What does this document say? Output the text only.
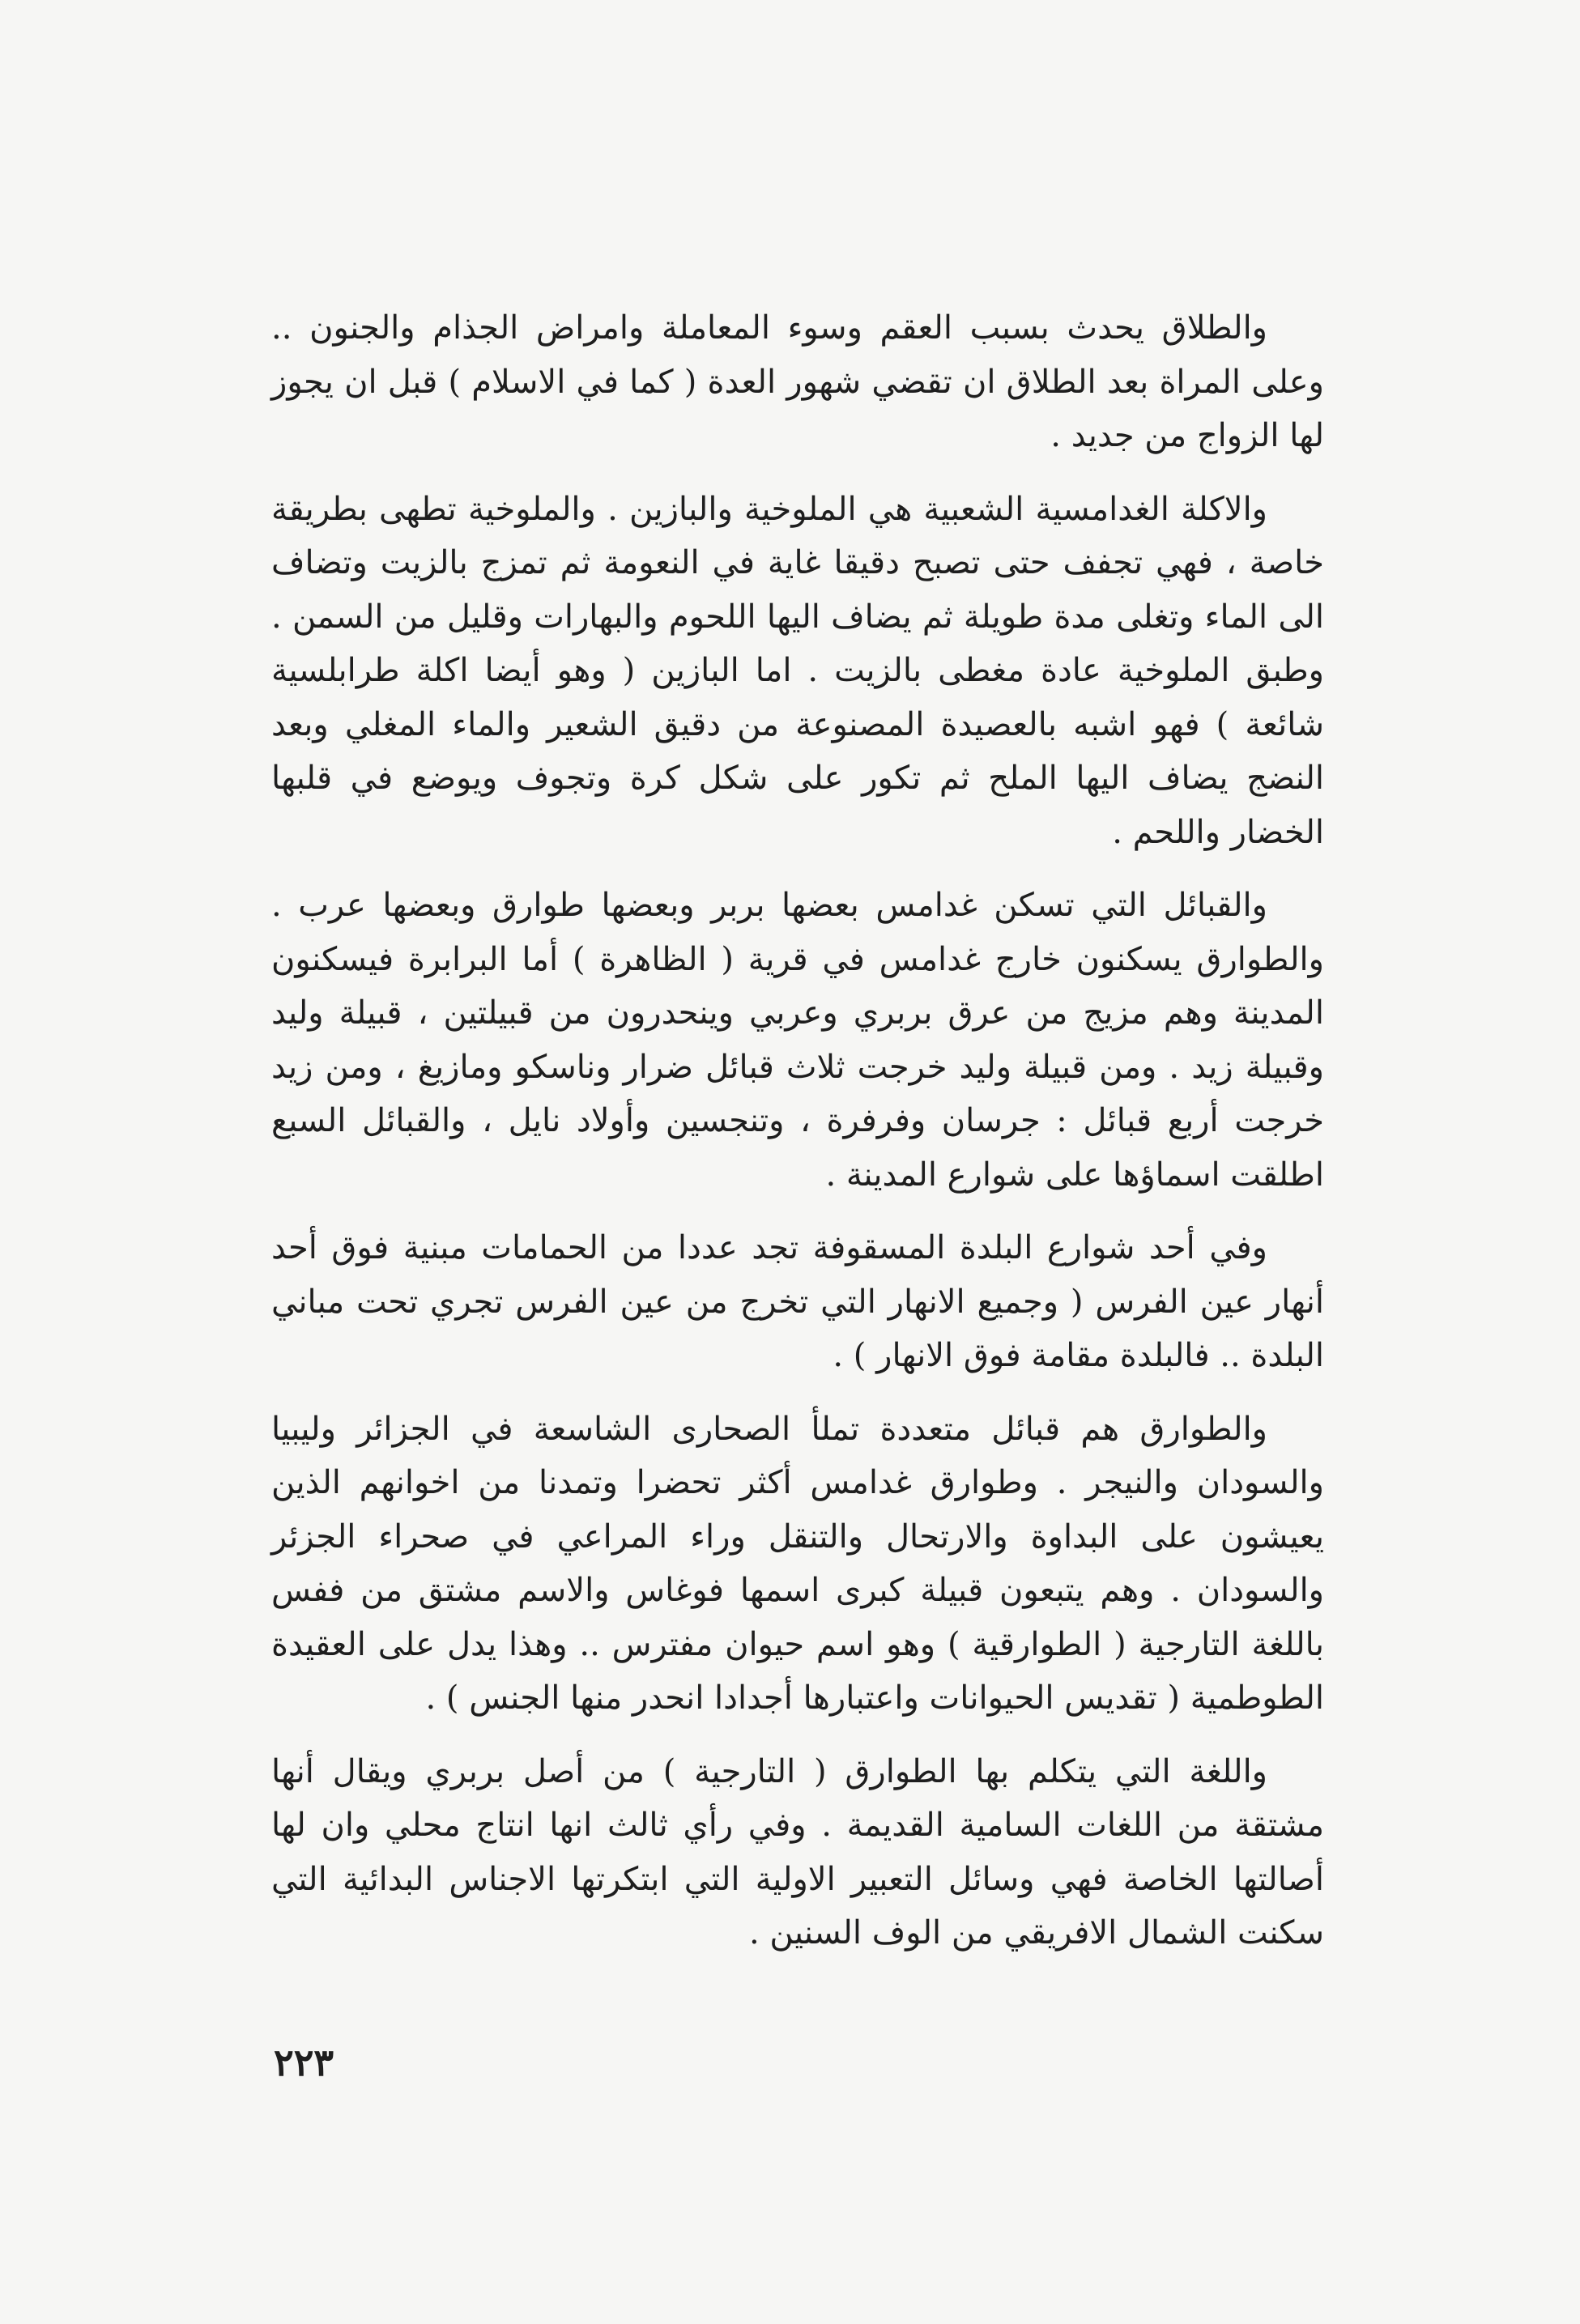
والطلاق يحدث بسبب العقم وسوء المعاملة وامراض الجذام والجنون .. وعلى المراة بعد الطلاق ان تقضي شهور العدة ( كما في الاسلام ) قبل ان يجوز لها الزواج من جديد .

والاكلة الغدامسية الشعبية هي الملوخية والبازين . والملوخية تطهى بطريقة خاصة ، فهي تجفف حتى تصبح دقيقا غاية في النعومة ثم تمزج بالزيت وتضاف الى الماء وتغلى مدة طويلة ثم يضاف اليها اللحوم والبهارات وقليل من السمن . وطبق الملوخية عادة مغطى بالزيت . اما البازين ( وهو أيضا اكلة طرابلسية شائعة ) فهو اشبه بالعصيدة المصنوعة من دقيق الشعير والماء المغلي وبعد النضج يضاف اليها الملح ثم تكور على شكل كرة وتجوف ويوضع في قلبها الخضار واللحم .

والقبائل التي تسكن غدامس بعضها بربر وبعضها طوارق وبعضها عرب . والطوارق يسكنون خارج غدامس في قرية ( الظاهرة ) أما البرابرة فيسكنون المدينة وهم مزيج من عرق بربري وعربي وينحدرون من قبيلتين ، قبيلة وليد وقبيلة زيد . ومن قبيلة وليد خرجت ثلاث قبائل ضرار وناسكو ومازيغ ، ومن زيد خرجت أربع قبائل : جرسان وفرفرة ، وتنجسين وأولاد نايل ، والقبائل السبع اطلقت اسماؤها على شوارع المدينة .

وفي أحد شوارع البلدة المسقوفة تجد عددا من الحمامات مبنية فوق أحد أنهار عين الفرس ( وجميع الانهار التي تخرج من عين الفرس تجري تحت مباني البلدة .. فالبلدة مقامة فوق الانهار ) .

والطوارق هم قبائل متعددة تملأ الصحارى الشاسعة في الجزائر وليبيا والسودان والنيجر . وطوارق غدامس أكثر تحضرا وتمدنا من اخوانهم الذين يعيشون على البداوة والارتحال والتنقل وراء المراعي في صحراء الجزئر والسودان . وهم يتبعون قبيلة كبرى اسمها فوغاس والاسم مشتق من ففس باللغة التارجية ( الطوارقية ) وهو اسم حيوان مفترس .. وهذا يدل على العقيدة الطوطمية ( تقديس الحيوانات واعتبارها أجدادا انحدر منها الجنس ) .

واللغة التي يتكلم بها الطوارق ( التارجية ) من أصل بربري ويقال أنها مشتقة من اللغات السامية القديمة . وفي رأي ثالث انها انتاج محلي وان لها أصالتها الخاصة فهي وسائل التعبير الاولية التي ابتكرتها الاجناس البدائية التي سكنت الشمال الافريقي من الوف السنين .

٢٢٣
